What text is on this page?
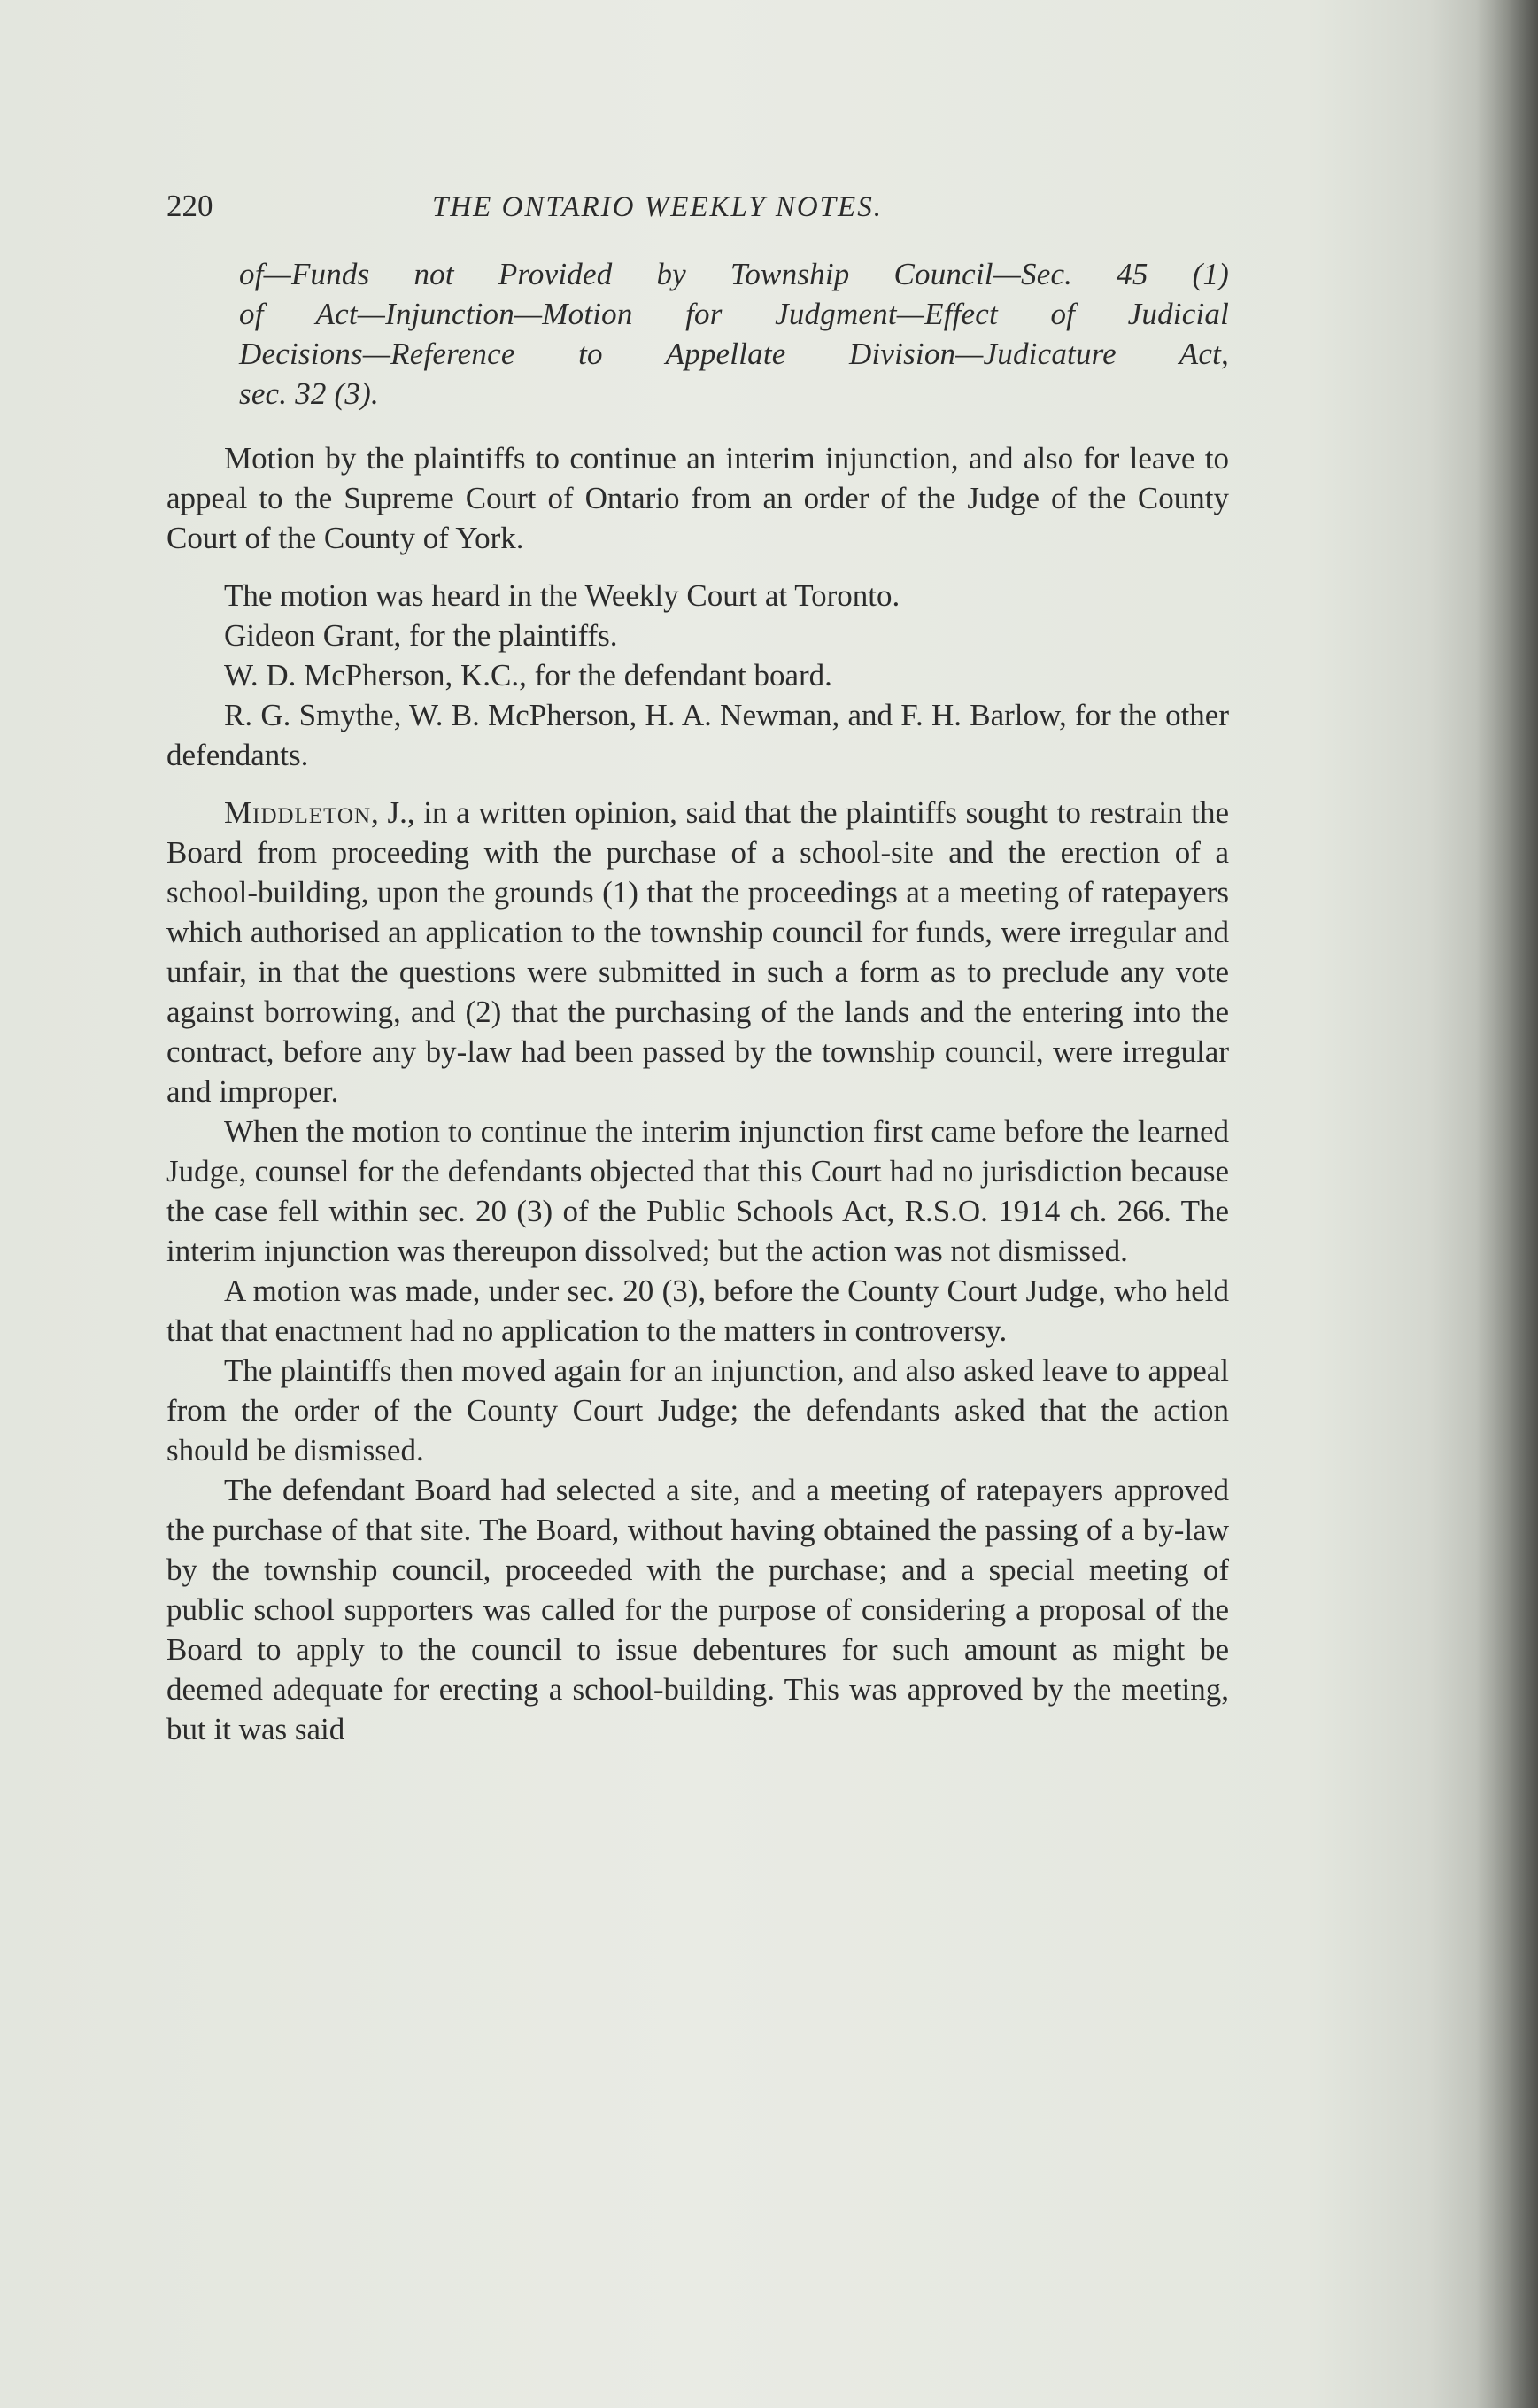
220	THE ONTARIO WEEKLY NOTES.
of—Funds not Provided by Township Council—Sec. 45 (1)
of Act—Injunction—Motion for Judgment—Effect of Judicial
Decisions—Reference to Appellate Division—Judicature Act,
sec. 32 (3).

Motion by the plaintiffs to continue an interim injunction, and also for leave to appeal to the Supreme Court of Ontario from an order of the Judge of the County Court of the County of York.

The motion was heard in the Weekly Court at Toronto.

Gideon Grant, for the plaintiffs.

W. D. McPherson, K.C., for the defendant board.

R. G. Smythe, W. B. McPherson, H. A. Newman, and F. H. Barlow, for the other defendants.

Middleton, J., in a written opinion, said that the plaintiffs sought to restrain the Board from proceeding with the purchase of a school-site and the erection of a school-building, upon the grounds (1) that the proceedings at a meeting of ratepayers which authorised an application to the township council for funds, were irregular and unfair, in that the questions were submitted in such a form as to preclude any vote against borrowing, and (2) that the purchasing of the lands and the entering into the contract, before any by-law had been passed by the township council, were irregular and improper.

When the motion to continue the interim injunction first came before the learned Judge, counsel for the defendants objected that this Court had no jurisdiction because the case fell within sec. 20 (3) of the Public Schools Act, R.S.O. 1914 ch. 266. The interim injunction was thereupon dissolved; but the action was not dismissed.

A motion was made, under sec. 20 (3), before the County Court Judge, who held that that enactment had no application to the matters in controversy.

The plaintiffs then moved again for an injunction, and also asked leave to appeal from the order of the County Court Judge; the defendants asked that the action should be dismissed.

The defendant Board had selected a site, and a meeting of ratepayers approved the purchase of that site. The Board, without having obtained the passing of a by-law by the township council, proceeded with the purchase; and a special meeting of public school supporters was called for the purpose of considering a proposal of the Board to apply to the council to issue debentures for such amount as might be deemed adequate for erecting a school-building. This was approved by the meeting, but it was said
